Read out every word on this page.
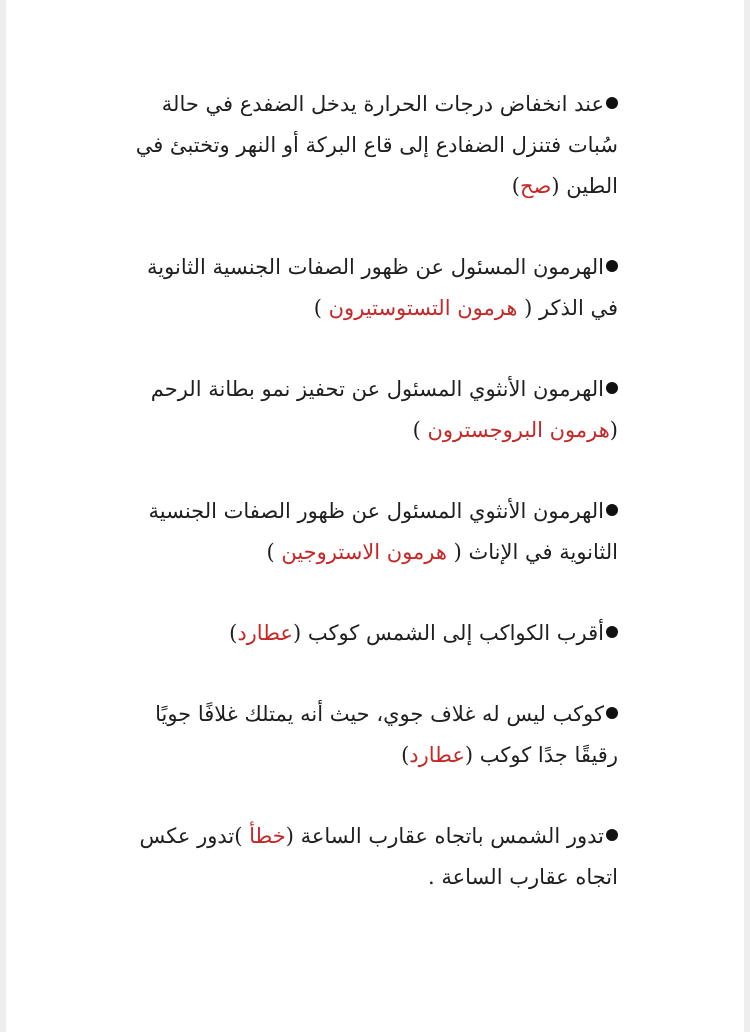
عند انخفاض درجات الحرارة يدخل الضفدع في حالة سُبات فتنزل الضفادع إلى قاع البركة أو النهر وتختبئ في الطين (صح)

الهرمون المسئول عن ظهور الصفات الجنسية الثانوية في الذكر ( هرمون التستوستيرون )

الهرمون الأنثوي المسئول عن تحفيز نمو بطانة الرحم (هرمون البروجسترون )

الهرمون الأنثوي المسئول عن ظهور الصفات الجنسية الثانوية في الإناث ( هرمون الاستروجين )

أقرب الكواكب إلى الشمس كوكب (عطارد)

كوكب ليس له غلاف جوي، حيث أنه يمتلك غلافًا جويًا رقيقًا جدًا كوكب (عطارد)

تدور الشمس باتجاه عقارب الساعة (خطأ )تدور عكس اتجاه عقارب الساعة .
